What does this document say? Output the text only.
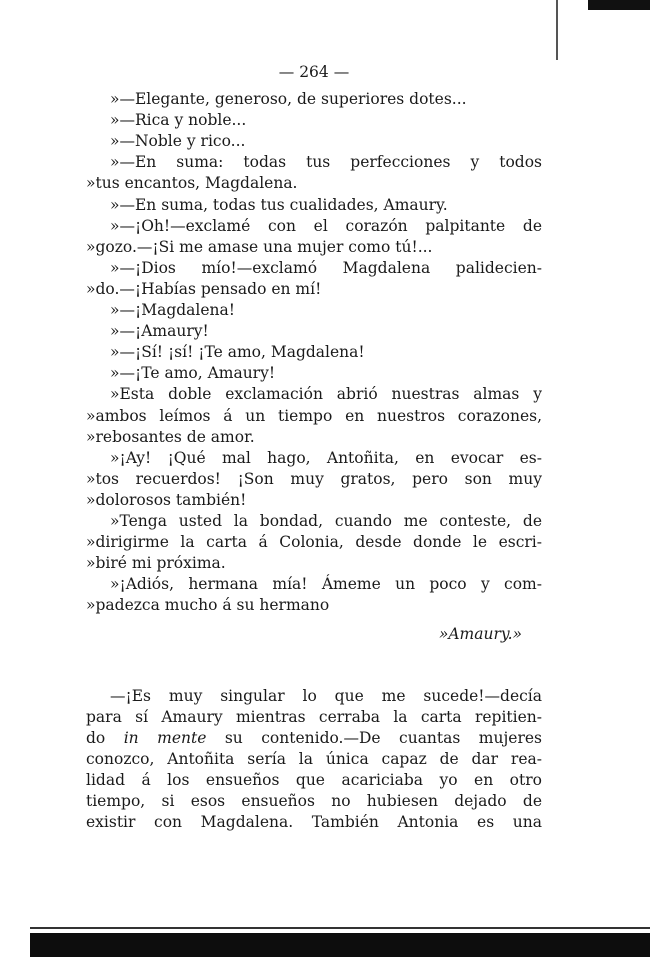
— 264 —
»—Elegante, generoso, de superiores dotes...
»—Rica y noble...
»—Noble y rico...
»—En suma: todas tus perfecciones y todos
»tus encantos, Magdalena.
»—En suma, todas tus cualidades, Amaury.
»—¡Oh!—exclamé con el corazón palpitante de
»gozo.—¡Si me amase una mujer como tú!...
»—¡Dios mío!—exclamó Magdalena palidecien-
»do.—¡Habías pensado en mí!
»—¡Magdalena!
»—¡Amaury!
»—¡Sí! ¡sí! ¡Te amo, Magdalena!
»—¡Te amo, Amaury!
»Esta doble exclamación abrió nuestras almas y
»ambos leímos á un tiempo en nuestros corazones,
»rebosantes de amor.
»¡Ay! ¡Qué mal hago, Antoñita, en evocar es-
»tos recuerdos! ¡Son muy gratos, pero son muy
»dolorosos también!
»Tenga usted la bondad, cuando me conteste, de
»dirigirme la carta á Colonia, desde donde le escri-
»biré mi próxima.
»¡Adiós, hermana mía! Ámeme un poco y com-
»padezca mucho á su hermano
»Amaury.»
—¡Es muy singular lo que me sucede!—decía
para sí Amaury mientras cerraba la carta repitien-
do in mente su contenido.—De cuantas mujeres
conozco, Antoñita sería la única capaz de dar rea-
lidad á los ensueños que acariciaba yo en otro
tiempo, si esos ensueños no hubiesen dejado de
existir con Magdalena. También Antonia es una
